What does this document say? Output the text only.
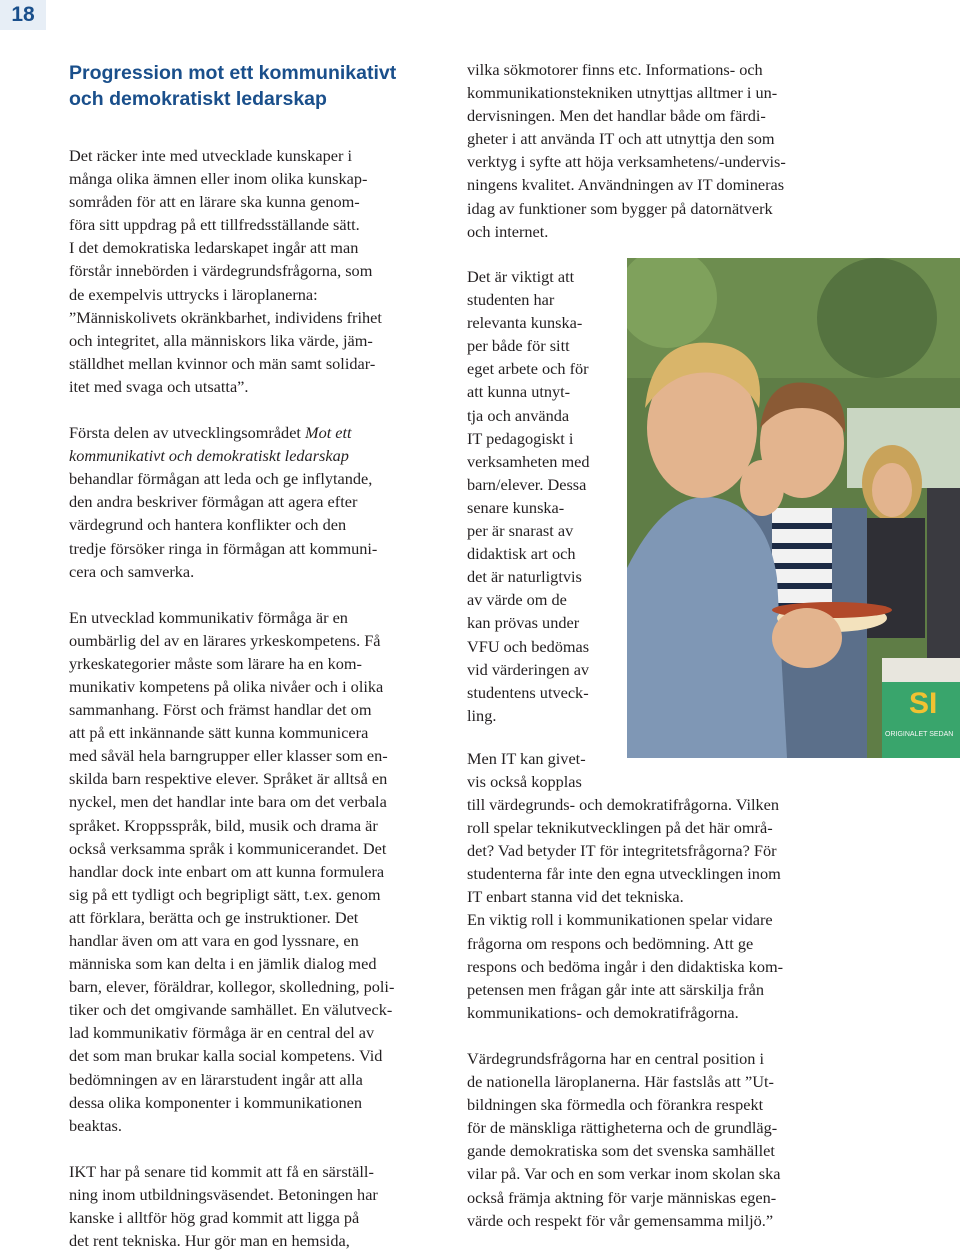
18
Progression mot ett kommunikativt
och demokratiskt ledarskap

Det räcker inte med utvecklade kunskaper i
många olika ämnen eller inom olika kunskap-
sområden för att en lärare ska kunna genom-
föra sitt uppdrag på ett tillfredsställande sätt.
I det demokratiska ledarskapet ingår att man
förstår innebörden i värdegrundsfrågorna, som
de exempelvis uttrycks i läroplanerna:
”Människolivets okränkbarhet, individens frihet
och integritet, alla människors lika värde, jäm-
ställdhet mellan kvinnor och män samt solidar-
itet med svaga och utsatta”.

Första delen av utvecklingsområdet Mot ett
kommunikativt och demokratiskt ledarskap
behandlar förmågan att leda och ge inflytande,
den andra beskriver förmågan att agera efter
värdegrund och hantera konflikter och den
tredje försöker ringa in förmågan att kommuni-
cera och samverka.

En utvecklad kommunikativ förmåga är en
oumbärlig del av en lärares yrkeskompetens. Få
yrkeskategorier måste som lärare ha en kom-
munikativ kompetens på olika nivåer och i olika
sammanhang. Först och främst handlar det om
att på ett inkännande sätt kunna kommunicera
med såväl hela barngrupper eller klasser som en-
skilda barn respektive elever. Språket är alltså en
nyckel, men det handlar inte bara om det verbala
språket. Kroppsspråk, bild, musik och drama är
också verksamma språk i kommunicerandet. Det
handlar dock inte enbart om att kunna formulera
sig på ett tydligt och begripligt sätt, t.ex. genom
att förklara, berätta och ge instruktioner. Det
handlar även om att vara en god lyssnare, en
människa som kan delta i en jämlik dialog med
barn, elever, föräldrar, kollegor, skolledning, poli-
tiker och det omgivande samhället. En välutveck-
lad kommunikativ förmåga är en central del av
det som man brukar kalla social kompetens. Vid
bedömningen av en lärarstudent ingår att alla
dessa olika komponenter i kommunikationen
beaktas.

IKT har på senare tid kommit att få en särställ-
ning inom utbildningsväsendet. Betoningen har
kanske i alltför hög grad kommit att ligga på
det rent tekniska. Hur gör man en hemsida,

vilka sökmotorer finns etc. Informations- och
kommunikationstekniken utnyttjas alltmer i un-
dervisningen. Men det handlar både om färdi-
gheter i att använda IT och att utnyttja den som
verktyg i syfte att höja verksamhetens/-undervis-
ningens kvalitet. Användningen av IT domineras
idag av funktioner som bygger på datornätverk
och internet.

Det är viktigt att
studenten har
relevanta kunska-
per både för sitt
eget arbete och för
att kunna utnyt-
tja och använda
IT pedagogiskt i
verksamheten med
barn/elever. Dessa
senare kunska-
per är snarast av
didaktisk art och
det är naturligtvis
av värde om de
kan prövas under
VFU och bedömas
vid värderingen av
studentens utveck-
ling.
Men IT kan givet-
vis också kopplas

till värdegrunds- och demokratifrågorna. Vilken
roll spelar teknikutvecklingen på det här områ-
det? Vad betyder IT för integritetsfrågorna? För
studenterna får inte den egna utvecklingen inom
IT enbart stanna vid det tekniska.
En viktig roll i kommunikationen spelar vidare
frågorna om respons och bedömning. Att ge
respons och bedöma ingår i den didaktiska kom-
petensen men frågan går inte att särskilja från
kommunikations- och demokratifrågorna.

Värdegrundsfrågorna har en central position i
de nationella läroplanerna. Här fastslås att ”Ut-
bildningen ska förmedla och förankra respekt
för de mänskliga rättigheterna och de grundläg-
gande demokratiska som det svenska samhället
vilar på. Var och en som verkar inom skolan ska
också främja aktning för varje människas egen-
värde och respekt för vår gemensamma miljö.”

SI
ORIGINALET SEDAN
